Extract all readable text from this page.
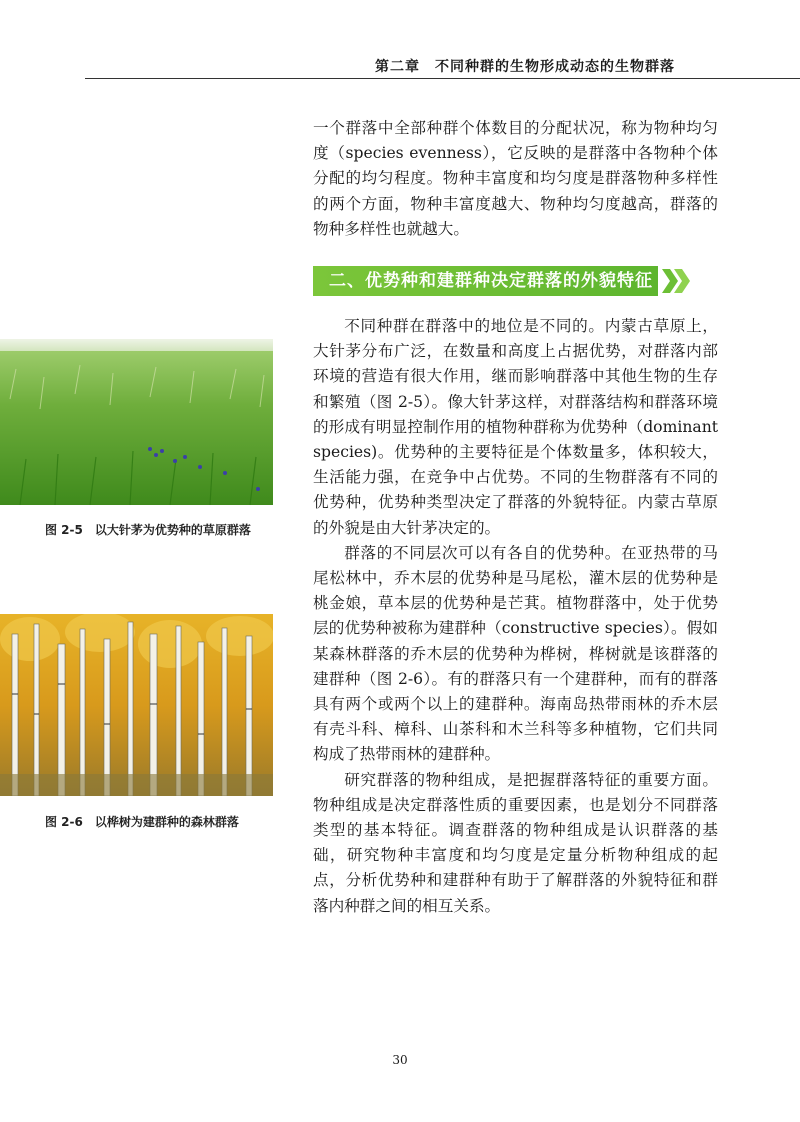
第二章　不同种群的生物形成动态的生物群落

一个群落中全部种群个体数目的分配状况，称为物种均匀度（species evenness），它反映的是群落中各物种个体分配的均匀程度。物种丰富度和均匀度是群落物种多样性的两个方面，物种丰富度越大、物种均匀度越高，群落的物种多样性也就越大。

二、优势种和建群种决定群落的外貌特征

不同种群在群落中的地位是不同的。内蒙古草原上，大针茅分布广泛，在数量和高度上占据优势，对群落内部环境的营造有很大作用，继而影响群落中其他生物的生存和繁殖（图 2-5）。像大针茅这样，对群落结构和群落环境的形成有明显控制作用的植物种群称为优势种（dominant species)。优势种的主要特征是个体数量多，体积较大，生活能力强，在竞争中占优势。不同的生物群落有不同的优势种，优势种类型决定了群落的外貌特征。内蒙古草原的外貌是由大针茅决定的。

群落的不同层次可以有各自的优势种。在亚热带的马尾松林中，乔木层的优势种是马尾松，灌木层的优势种是桃金娘，草本层的优势种是芒萁。植物群落中，处于优势层的优势种被称为建群种（constructive species）。假如某森林群落的乔木层的优势种为桦树，桦树就是该群落的建群种（图 2-6）。有的群落只有一个建群种，而有的群落具有两个或两个以上的建群种。海南岛热带雨林的乔木层有壳斗科、樟科、山茶科和木兰科等多种植物，它们共同构成了热带雨林的建群种。

研究群落的物种组成，是把握群落特征的重要方面。物种组成是决定群落性质的重要因素，也是划分不同群落类型的基本特征。调查群落的物种组成是认识群落的基础，研究物种丰富度和均匀度是定量分析物种组成的起点，分析优势种和建群种有助于了解群落的外貌特征和群落内种群之间的相互关系。

图 2-5　以大针茅为优势种的草原群落
图 2-6　以桦树为建群种的森林群落
30
